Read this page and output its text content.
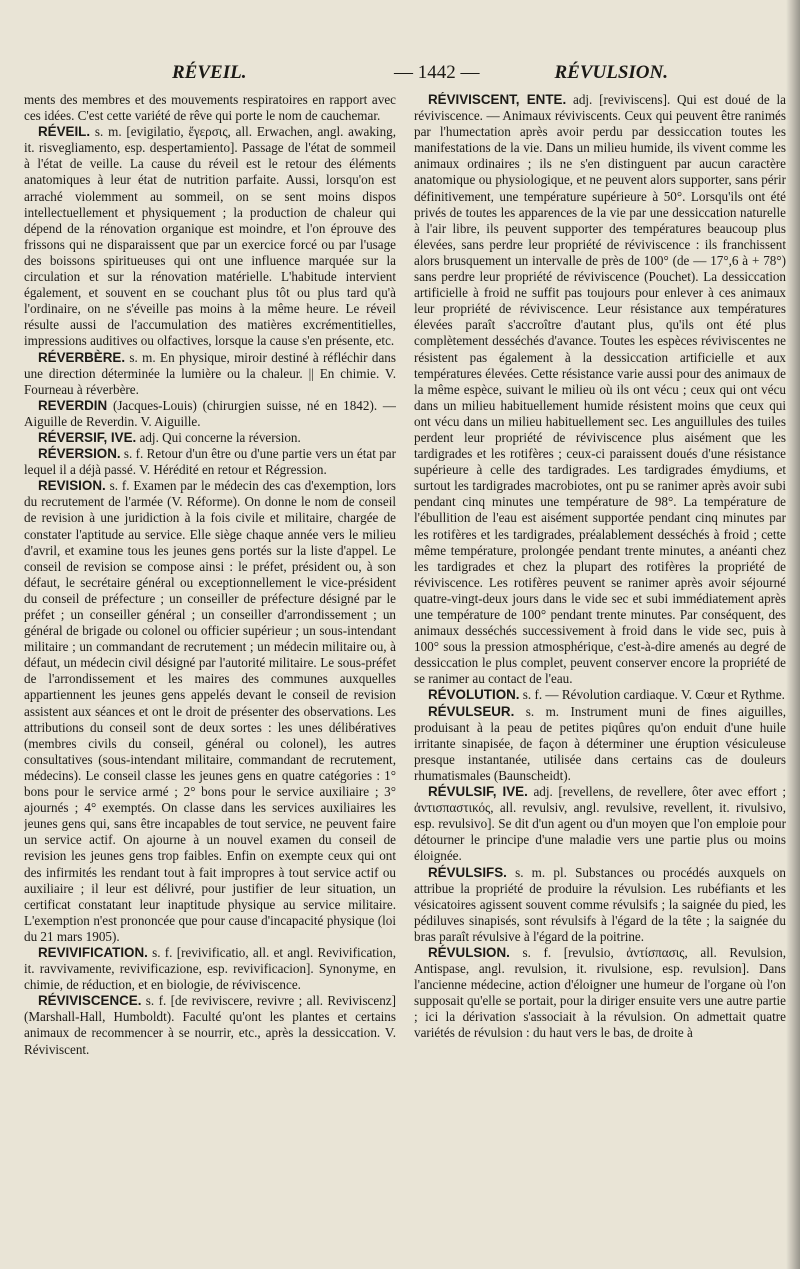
RÉVEIL.	— 1442 —	RÉVULSION.

ments des membres et des mouvements respiratoires en rapport avec ces idées. C'est cette variété de rêve qui porte le nom de cauchemar.

RÉVEIL. s. m. [evigilatio, ἔγερσις, all. Erwachen, angl. awaking, it. risvegliamento, esp. despertamiento]. Passage de l'état de sommeil à l'état de veille. La cause du réveil est le retour des éléments anatomiques à leur état de nutrition parfaite. Aussi, lorsqu'on est arraché violemment au sommeil, on se sent moins dispos intellectuellement et physiquement ; la production de chaleur qui dépend de la rénovation organique est moindre, et l'on éprouve des frissons qui ne disparaissent que par un exercice forcé ou par l'usage des boissons spiritueuses qui ont une influence marquée sur la circulation et sur la rénovation matérielle. L'habitude intervient également, et souvent en se couchant plus tôt ou plus tard qu'à l'ordinaire, on ne s'éveille pas moins à la même heure. Le réveil résulte aussi de l'accumulation des matières excrémentitielles, impressions auditives ou olfactives, lorsque la cause s'en présente, etc.

RÉVERBÈRE. s. m. En physique, miroir destiné à réfléchir dans une direction déterminée la lumière ou la chaleur. || En chimie. V. Fourneau à réverbère.

REVERDIN (Jacques-Louis) (chirurgien suisse, né en 1842). — Aiguille de Reverdin. V. Aiguille.

RÉVERSIF, IVE. adj. Qui concerne la réversion.

RÉVERSION. s. f. Retour d'un être ou d'une partie vers un état par lequel il a déjà passé. V. Hérédité en retour et Régression.

REVISION. s. f. Examen par le médecin des cas d'exemption, lors du recrutement de l'armée (V. Réforme). On donne le nom de conseil de revision à une juridiction à la fois civile et militaire, chargée de constater l'aptitude au service. Elle siège chaque année vers le milieu d'avril, et examine tous les jeunes gens portés sur la liste d'appel. Le conseil de revision se compose ainsi : le préfet, président ou, à son défaut, le secrétaire général ou exceptionnellement le vice-président du conseil de préfecture ; un conseiller de préfecture désigné par le préfet ; un conseiller général ; un conseiller d'arrondissement ; un général de brigade ou colonel ou officier supérieur ; un sous-intendant militaire ; un commandant de recrutement ; un médecin militaire ou, à défaut, un médecin civil désigné par l'autorité militaire. Le sous-préfet de l'arrondissement et les maires des communes auxquelles appartiennent les jeunes gens appelés devant le conseil de revision assistent aux séances et ont le droit de présenter des observations. Les attributions du conseil sont de deux sortes : les unes délibératives (membres civils du conseil, général ou colonel), les autres consultatives (sous-intendant militaire, commandant de recrutement, médecins). Le conseil classe les jeunes gens en quatre catégories : 1° bons pour le service armé ; 2° bons pour le service auxiliaire ; 3° ajournés ; 4° exemptés. On classe dans les services auxiliaires les jeunes gens qui, sans être incapables de tout service, ne peuvent faire un service actif. On ajourne à un nouvel examen du conseil de revision les jeunes gens trop faibles. Enfin on exempte ceux qui ont des infirmités les rendant tout à fait impropres à tout service actif ou auxiliaire ; il leur est délivré, pour justifier de leur situation, un certificat constatant leur inaptitude physique au service militaire. L'exemption n'est prononcée que pour cause d'incapacité physique (loi du 21 mars 1905).

REVIVIFICATION. s. f. [revivificatio, all. et angl. Revivification, it. ravvivamente, revivificazione, esp. revivificacion]. Synonyme, en chimie, de réduction, et en biologie, de réviviscence.

RÉVIVISCENCE. s. f. [de reviviscere, revivre ; all. Reviviscenz] (Marshall-Hall, Humboldt). Faculté qu'ont les plantes et certains animaux de recommencer à se nourrir, etc., après la dessiccation. V. Réviviscent.

RÉVIVISCENT, ENTE. adj. [reviviscens]. Qui est doué de la réviviscence. — Animaux réviviscents. Ceux qui peuvent être ranimés par l'humectation après avoir perdu par dessiccation toutes les manifestations de la vie. Dans un milieu humide, ils vivent comme les animaux ordinaires ; ils ne s'en distinguent par aucun caractère anatomique ou physiologique, et ne peuvent alors supporter, sans périr définitivement, une température supérieure à 50°. Lorsqu'ils ont été privés de toutes les apparences de la vie par une dessiccation naturelle à l'air libre, ils peuvent supporter des températures beaucoup plus élevées, sans perdre leur propriété de réviviscence : ils franchissent alors brusquement un intervalle de près de 100° (de — 17°,6 à + 78°) sans perdre leur propriété de réviviscence (Pouchet). La dessiccation artificielle à froid ne suffit pas toujours pour enlever à ces animaux leur propriété de réviviscence. Leur résistance aux températures élevées paraît s'accroître d'autant plus, qu'ils ont été plus complètement desséchés d'avance. Toutes les espèces réviviscentes ne résistent pas également à la dessiccation artificielle et aux températures élevées. Cette résistance varie aussi pour des animaux de la même espèce, suivant le milieu où ils ont vécu ; ceux qui ont vécu dans un milieu habituellement humide résistent moins que ceux qui ont vécu dans un milieu habituellement sec. Les anguillules des tuiles perdent leur propriété de réviviscence plus aisément que les tardigrades et les rotifères ; ceux-ci paraissent doués d'une résistance supérieure à celle des tardigrades. Les tardigrades émydiums, et surtout les tardigrades macrobiotes, ont pu se ranimer après avoir subi pendant cinq minutes une température de 98°. La température de l'ébullition de l'eau est aisément supportée pendant cinq minutes par les rotifères et les tardigrades, préalablement desséchés à froid ; cette même température, prolongée pendant trente minutes, a anéanti chez les tardigrades et chez la plupart des rotifères la propriété de réviviscence. Les rotifères peuvent se ranimer après avoir séjourné quatre-vingt-deux jours dans le vide sec et subi immédiatement après une température de 100° pendant trente minutes. Par conséquent, des animaux desséchés successivement à froid dans le vide sec, puis à 100° sous la pression atmosphérique, c'est-à-dire amenés au degré de dessiccation le plus complet, peuvent conserver encore la propriété de se ranimer au contact de l'eau.

RÉVOLUTION. s. f. — Révolution cardiaque. V. Cœur et Rythme.

RÉVULSEUR. s. m. Instrument muni de fines aiguilles, produisant à la peau de petites piqûres qu'on enduit d'une huile irritante sinapisée, de façon à déterminer une éruption vésiculeuse presque instantanée, utilisée dans certains cas de douleurs rhumatismales (Baunscheidt).

RÉVULSIF, IVE. adj. [revellens, de revellere, ôter avec effort ; ἀντισπαστικός, all. revulsiv, angl. revulsive, revellent, it. rivulsivo, esp. revulsivo]. Se dit d'un agent ou d'un moyen que l'on emploie pour détourner le principe d'une maladie vers une partie plus ou moins éloignée.

RÉVULSIFS. s. m. pl. Substances ou procédés auxquels on attribue la propriété de produire la révulsion. Les rubéfiants et les vésicatoires agissent souvent comme révulsifs ; la saignée du pied, les pédiluves sinapisés, sont révulsifs à l'égard de la tête ; la saignée du bras paraît révulsive à l'égard de la poitrine.

RÉVULSION. s. f. [revulsio, ἀντίσπασις, all. Revulsion, Antispase, angl. revulsion, it. rivulsione, esp. revulsion]. Dans l'ancienne médecine, action d'éloigner une humeur de l'organe où l'on supposait qu'elle se portait, pour la diriger ensuite vers une autre partie ; ici la dérivation s'associait à la révulsion. On admettait quatre variétés de révulsion : du haut vers le bas, de droite à
